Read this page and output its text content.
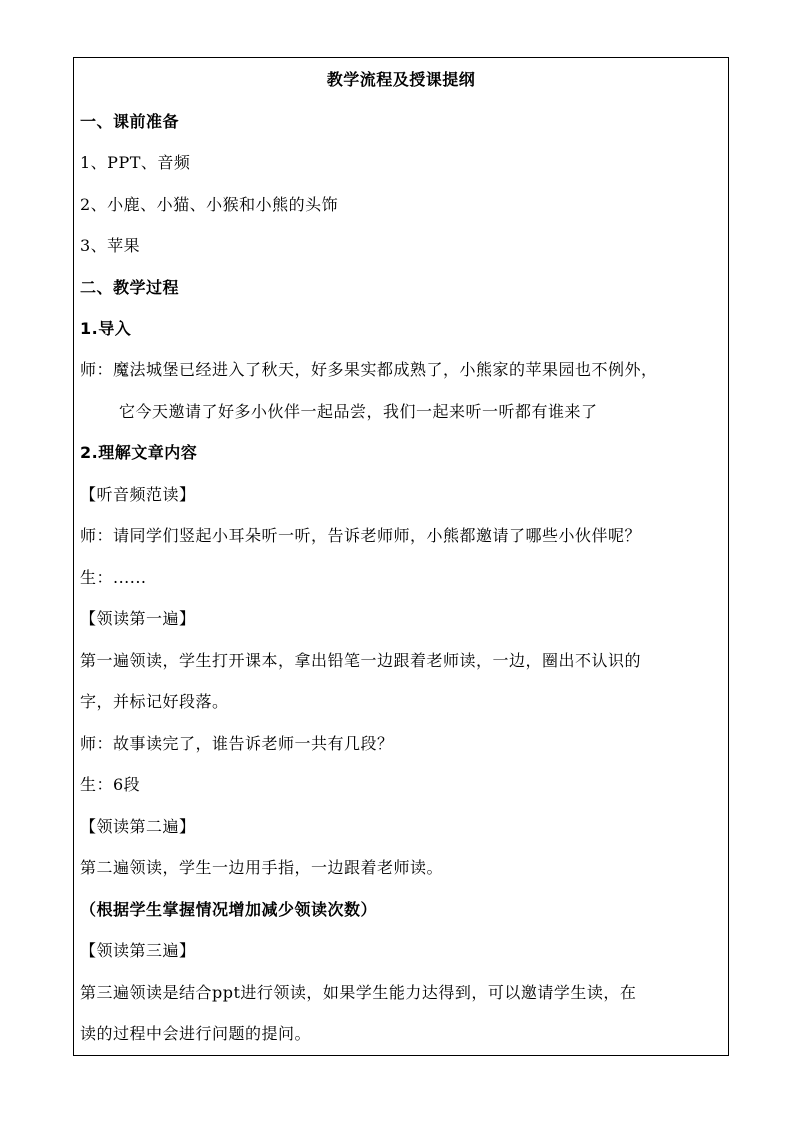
教学流程及授课提纲
一、课前准备
1、PPT、音频
2、小鹿、小猫、小猴和小熊的头饰
3、苹果
二、教学过程
1.导入
师：魔法城堡已经进入了秋天，好多果实都成熟了，小熊家的苹果园也不例外，
它今天邀请了好多小伙伴一起品尝，我们一起来听一听都有谁来了
2.理解文章内容
【听音频范读】
师：请同学们竖起小耳朵听一听，告诉老师师，小熊都邀请了哪些小伙伴呢？
生：......
【领读第一遍】
第一遍领读，学生打开课本，拿出铅笔一边跟着老师读，一边，圈出不认识的
字，并标记好段落。
师：故事读完了，谁告诉老师一共有几段？
生：6段
【领读第二遍】
第二遍领读，学生一边用手指，一边跟着老师读。
（根据学生掌握情况增加减少领读次数）
【领读第三遍】
第三遍领读是结合ppt进行领读，如果学生能力达得到，可以邀请学生读，在
读的过程中会进行问题的提问。
